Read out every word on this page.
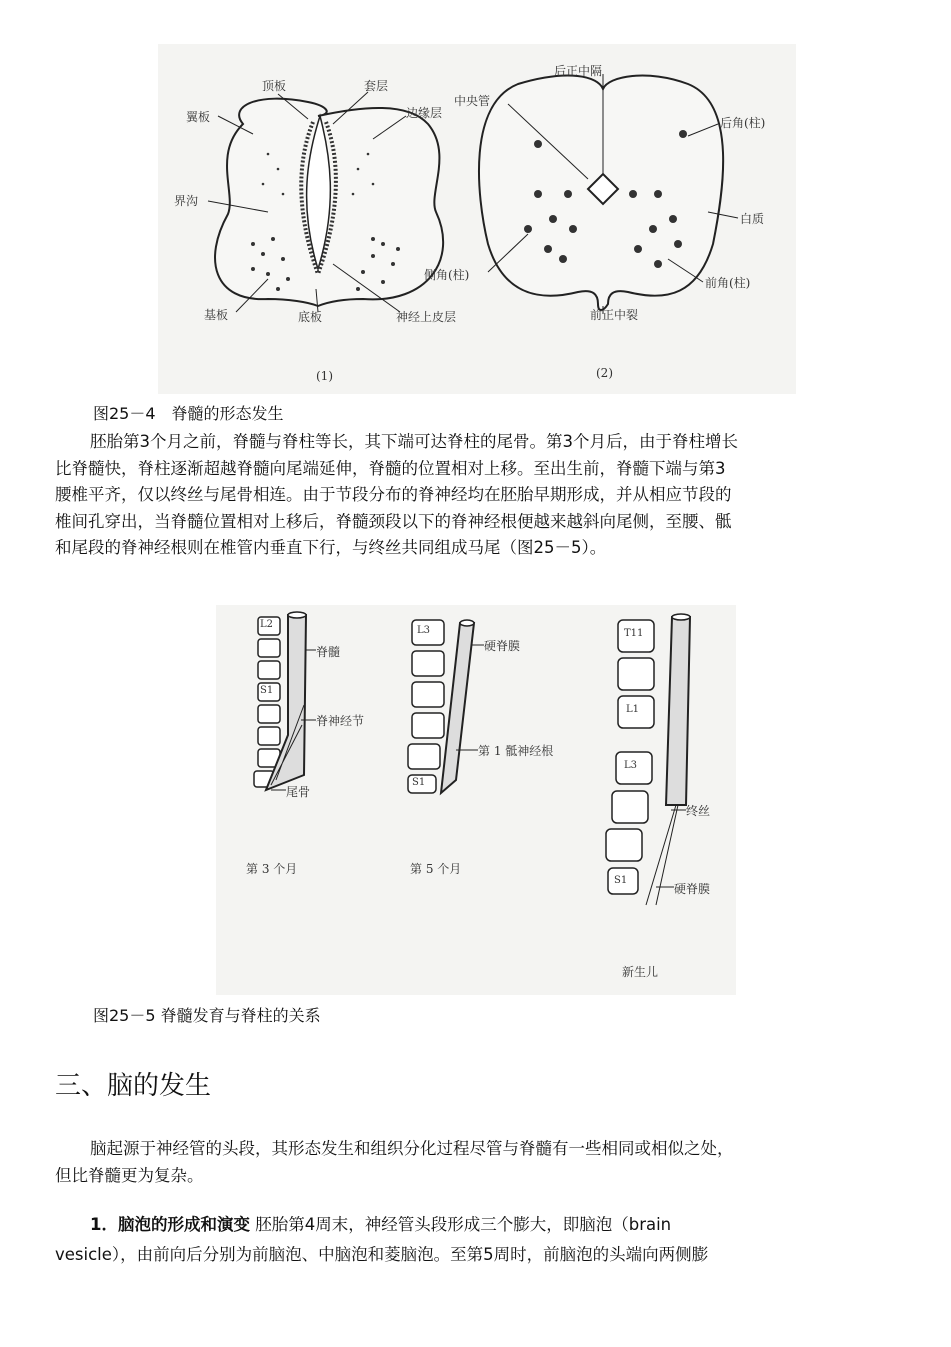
顶板	套层
后正中隔
中央管
翼板	边缘层
后角(柱)
界沟
白质
侧角(柱)
前角(柱)
基板	底板	神经上皮层	前正中裂
(1)	(2)
图25－4　脊髓的形态发生
胚胎第3个月之前，脊髓与脊柱等长，其下端可达脊柱的尾骨。第3个月后，由于脊柱增长
比脊髓快，脊柱逐渐超越脊髓向尾端延伸，脊髓的位置相对上移。至出生前，脊髓下端与第3
腰椎平齐，仅以终丝与尾骨相连。由于节段分布的脊神经均在胚胎早期形成，并从相应节段的
椎间孔穿出，当脊髓位置相对上移后，脊髓颈段以下的脊神经根便越来越斜向尾侧，至腰、骶
和尾段的脊神经根则在椎管内垂直下行，与终丝共同组成马尾（图25－5）。
L2
S1
脊髓
脊神经节
尾骨
L3
硬脊膜
第 1 骶神经根
S1
T11
L1
L3
终丝
S1
硬脊膜
第 3 个月	第 5 个月
新生儿
图25－5 脊髓发育与脊柱的关系
三、脑的发生
脑起源于神经管的头段，其形态发生和组织分化过程尽管与脊髓有一些相同或相似之处，
但比脊髓更为复杂。
1．脑泡的形成和演变 胚胎第4周末，神经管头段形成三个膨大，即脑泡（brain
vesicle），由前向后分别为前脑泡、中脑泡和菱脑泡。至第5周时，前脑泡的头端向两侧膨
